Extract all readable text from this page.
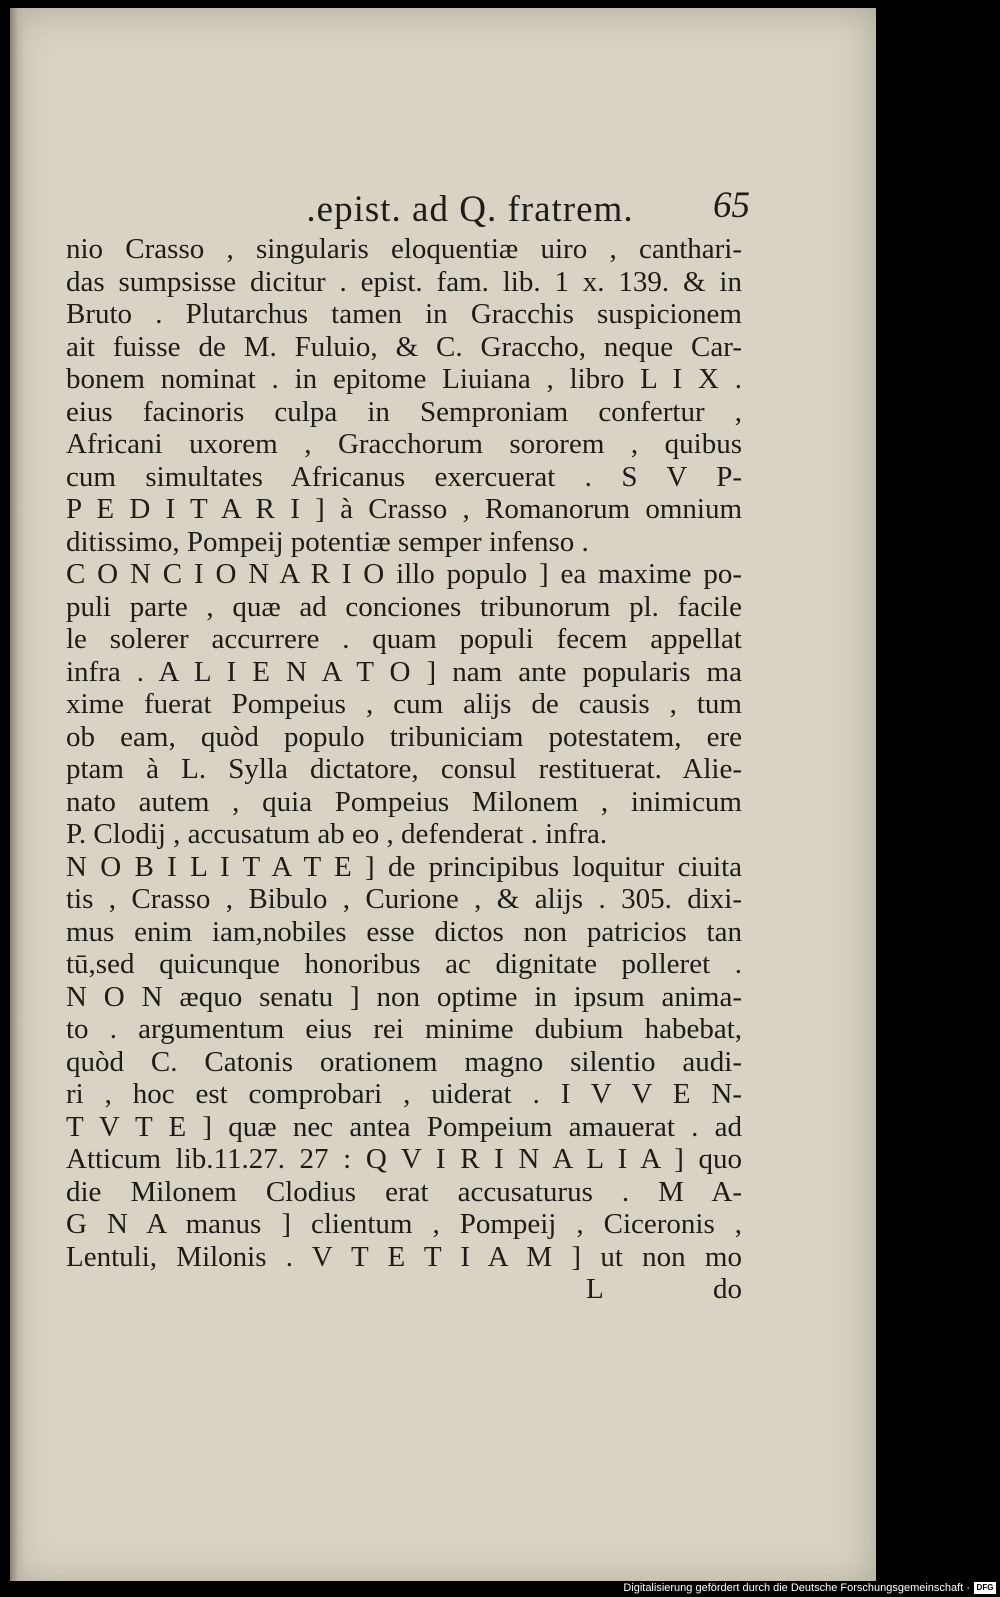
.epist. ad Q. fratrem.	65
nio Crasso , singularis eloquentiæ uiro , canthari-
das sumpsisse dicitur . epist. fam. lib. 1 x. 139. & in
Bruto . Plutarchus tamen in Gracchis suspicionem
ait fuisse de M. Fuluio, & C. Graccho, neque Car-
bonem nominat . in epitome Liuiana , libro L I X .
eius facinoris culpa in Semproniam confertur ,
Africani uxorem , Gracchorum sororem , quibus
cum simultates Africanus exercuerat . S V P-
P E D I T A R I ] à Crasso , Romanorum omnium
ditissimo, Pompeij potentiæ semper infenso .
C O N C I O N A R I O illo populo ] ea maxime po-
puli parte , quæ ad conciones tribunorum pl. facile
le solerer accurrere . quam populi fecem appellat
infra . A L I E N A T O ] nam ante popularis ma
xime fuerat Pompeius , cum alijs de causis , tum
ob eam, quòd populo tribuniciam potestatem, ere
ptam à L. Sylla dictatore, consul restituerat. Alie-
nato autem , quia Pompeius Milonem , inimicum
P. Clodij , accusatum ab eo , defenderat . infra.
N O B I L I T A T E ] de principibus loquitur ciuita
tis , Crasso , Bibulo , Curione , & alijs . 305. dixi-
mus enim iam,nobiles esse dictos non patricios tan
tū,sed quicunque honoribus ac dignitate polleret .
N O N æquo senatu ] non optime in ipsum anima-
to . argumentum eius rei minime dubium habebat,
quòd C. Catonis orationem magno silentio audi-
ri , hoc est comprobari , uiderat . I V V E N-
T V T E ] quæ nec antea Pompeium amauerat . ad
Atticum lib.11.27. 27 : Q V I R I N A L I A ] quo
die Milonem Clodius erat accusaturus . M A-
G N A manus ] clientum , Pompeij , Ciceronis ,
Lentuli, Milonis . V T E T I A M ] ut non mo
L	do
Digitalisierung gefördert durch die Deutsche Forschungsgemeinschaft · DFG
